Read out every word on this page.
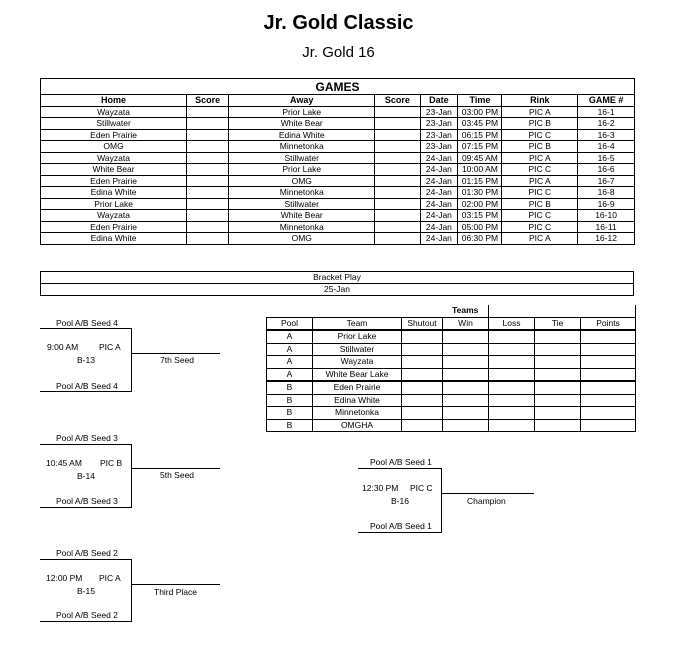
Jr. Gold Classic
Jr. Gold 16
GAMES							
Home	Score	Away	Score	Date	Time	Rink	GAME #
Wayzata		Prior Lake		23-Jan	03:00 PM	PIC A	16-1
Stillwater		White Bear		23-Jan	03:45 PM	PIC B	16-2
Eden Prairie		Edina White		23-Jan	06:15 PM	PIC C	16-3
OMG		Minnetonka		23-Jan	07:15 PM	PIC B	16-4
Wayzata		Stillwater		24-Jan	09:45 AM	PIC A	16-5
White Bear		Prior Lake		24-Jan	10:00 AM	PIC C	16-6
Eden Prairie		OMG		24-Jan	01:15 PM	PIC A	16-7
Edina White		Minnetonka		24-Jan	01:30 PM	PIC C	16-8
Prior Lake		Stillwater		24-Jan	02:00 PM	PIC B	16-9
Wayzata		White Bear		24-Jan	03:15 PM	PIC C	16-10
Eden Prairie		Minnetonka		24-Jan	05:00 PM	PIC C	16-11
Edina White		OMG		24-Jan	06:30 PM	PIC A	16-12
Bracket Play
25-Jan
			Teams			
Pool	Team	Shutout	Win	Loss	Tie	Points
A	Prior Lake					
A	Stillwater					
A	Wayzata					
A	White Bear Lake					
B	Eden Prairie					
B	Edina White					
B	Minnetonka					
B	OMGHA					
Pool A/B Seed 4
9:00 AM PIC A
B-13	7th Seed
Pool A/B Seed 4
Pool A/B Seed 3
10:45 AM PIC B
B-14	5th Seed
Pool A/B Seed 3
Pool A/B Seed 2
12:00 PM PIC A
B-15	Third Place
Pool A/B Seed 2
Pool A/B Seed 1
12:30 PM PIC C
B-16	Champion
Pool A/B Seed 1
